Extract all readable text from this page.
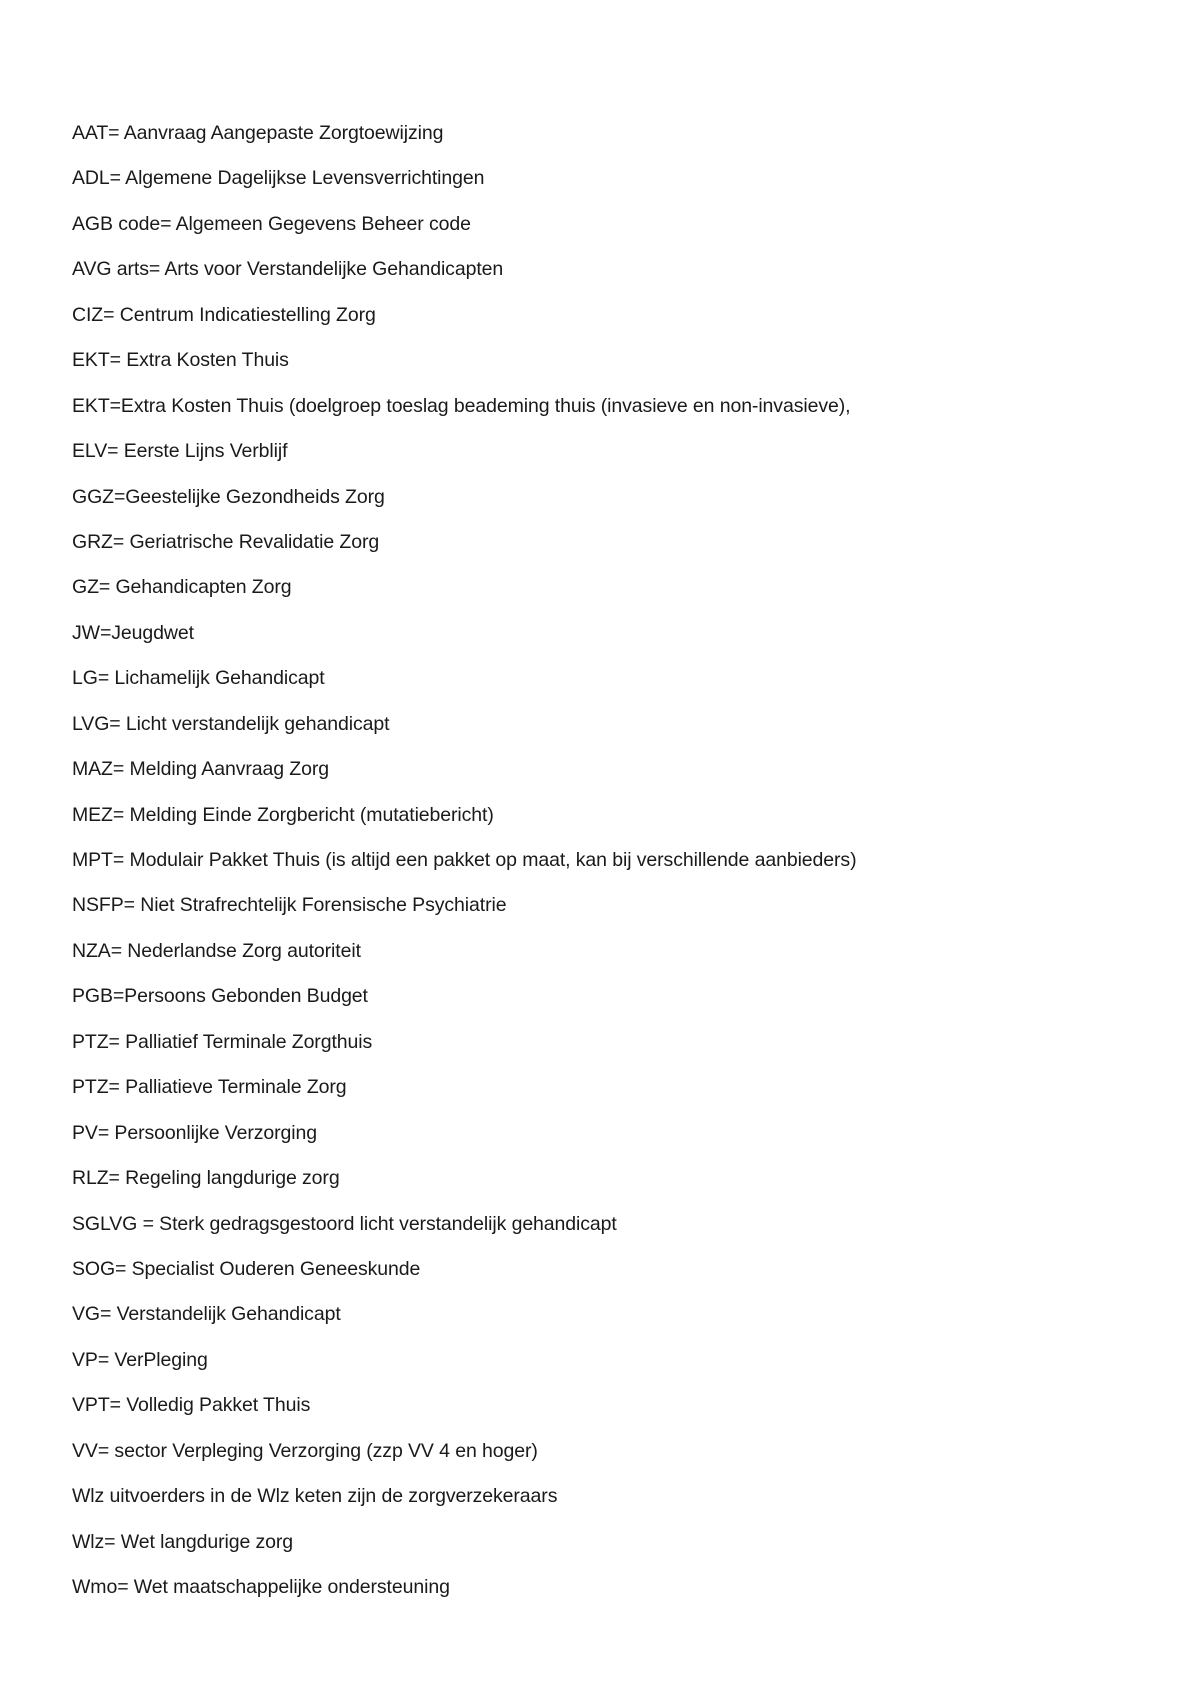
AAT= Aanvraag Aangepaste Zorgtoewijzing
ADL= Algemene Dagelijkse Levensverrichtingen
AGB code= Algemeen Gegevens Beheer code
AVG arts= Arts voor Verstandelijke Gehandicapten
CIZ= Centrum Indicatiestelling Zorg
EKT= Extra Kosten Thuis
EKT=Extra Kosten Thuis (doelgroep toeslag beademing thuis (invasieve en non-invasieve),
ELV= Eerste Lijns Verblijf
GGZ=Geestelijke Gezondheids Zorg
GRZ= Geriatrische Revalidatie Zorg
GZ= Gehandicapten Zorg
JW=Jeugdwet
LG= Lichamelijk Gehandicapt
LVG= Licht verstandelijk gehandicapt
MAZ= Melding Aanvraag Zorg
MEZ= Melding Einde Zorgbericht (mutatiebericht)
MPT= Modulair Pakket Thuis (is altijd een pakket op maat, kan bij verschillende aanbieders)
NSFP= Niet Strafrechtelijk Forensische Psychiatrie
NZA= Nederlandse Zorg autoriteit
PGB=Persoons Gebonden Budget
PTZ= Palliatief Terminale Zorgthuis
PTZ= Palliatieve Terminale Zorg
PV= Persoonlijke Verzorging
RLZ= Regeling langdurige zorg
SGLVG = Sterk gedragsgestoord licht verstandelijk gehandicapt
SOG= Specialist Ouderen Geneeskunde
VG= Verstandelijk Gehandicapt
VP= VerPleging
VPT= Volledig Pakket Thuis
VV= sector Verpleging Verzorging (zzp VV 4 en hoger)
Wlz uitvoerders in de Wlz keten zijn de zorgverzekeraars
Wlz= Wet langdurige zorg
Wmo= Wet maatschappelijke ondersteuning
